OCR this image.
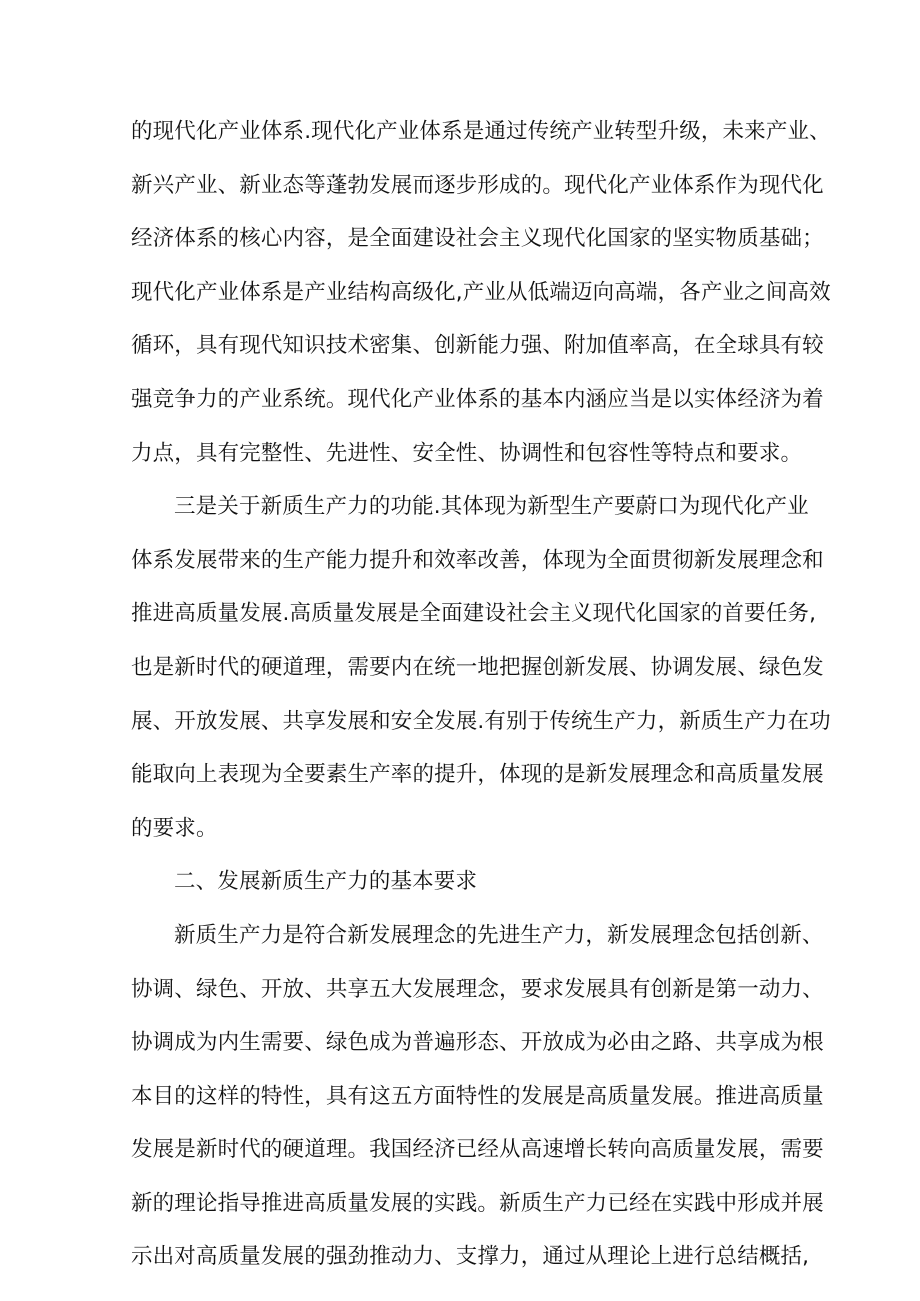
的现代化产业体系.现代化产业体系是通过传统产业转型升级，未来产业、
新兴产业、新业态等蓬勃发展而逐步形成的。现代化产业体系作为现代化
经济体系的核心内容，是全面建设社会主义现代化国家的坚实物质基础；
现代化产业体系是产业结构高级化,产业从低端迈向高端，各产业之间高效
循环，具有现代知识技术密集、创新能力强、附加值率高，在全球具有较
强竞争力的产业系统。现代化产业体系的基本内涵应当是以实体经济为着
力点，具有完整性、先进性、安全性、协调性和包容性等特点和要求。
三是关于新质生产力的功能.其体现为新型生产要蔚口为现代化产业
体系发展带来的生产能力提升和效率改善，体现为全面贯彻新发展理念和
推进高质量发展.高质量发展是全面建设社会主义现代化国家的首要任务,
也是新时代的硬道理，需要内在统一地把握创新发展、协调发展、绿色发
展、开放发展、共享发展和安全发展.有别于传统生产力，新质生产力在功
能取向上表现为全要素生产率的提升，体现的是新发展理念和高质量发展
的要求。
二、发展新质生产力的基本要求
新质生产力是符合新发展理念的先进生产力，新发展理念包括创新、
协调、绿色、开放、共享五大发展理念，要求发展具有创新是第一动力、
协调成为内生需要、绿色成为普遍形态、开放成为必由之路、共享成为根
本目的这样的特性，具有这五方面特性的发展是高质量发展。推进高质量
发展是新时代的硬道理。我国经济已经从高速增长转向高质量发展，需要
新的理论指导推进高质量发展的实践。新质生产力已经在实践中形成并展
示出对高质量发展的强劲推动力、支撑力，通过从理论上进行总结概括,
